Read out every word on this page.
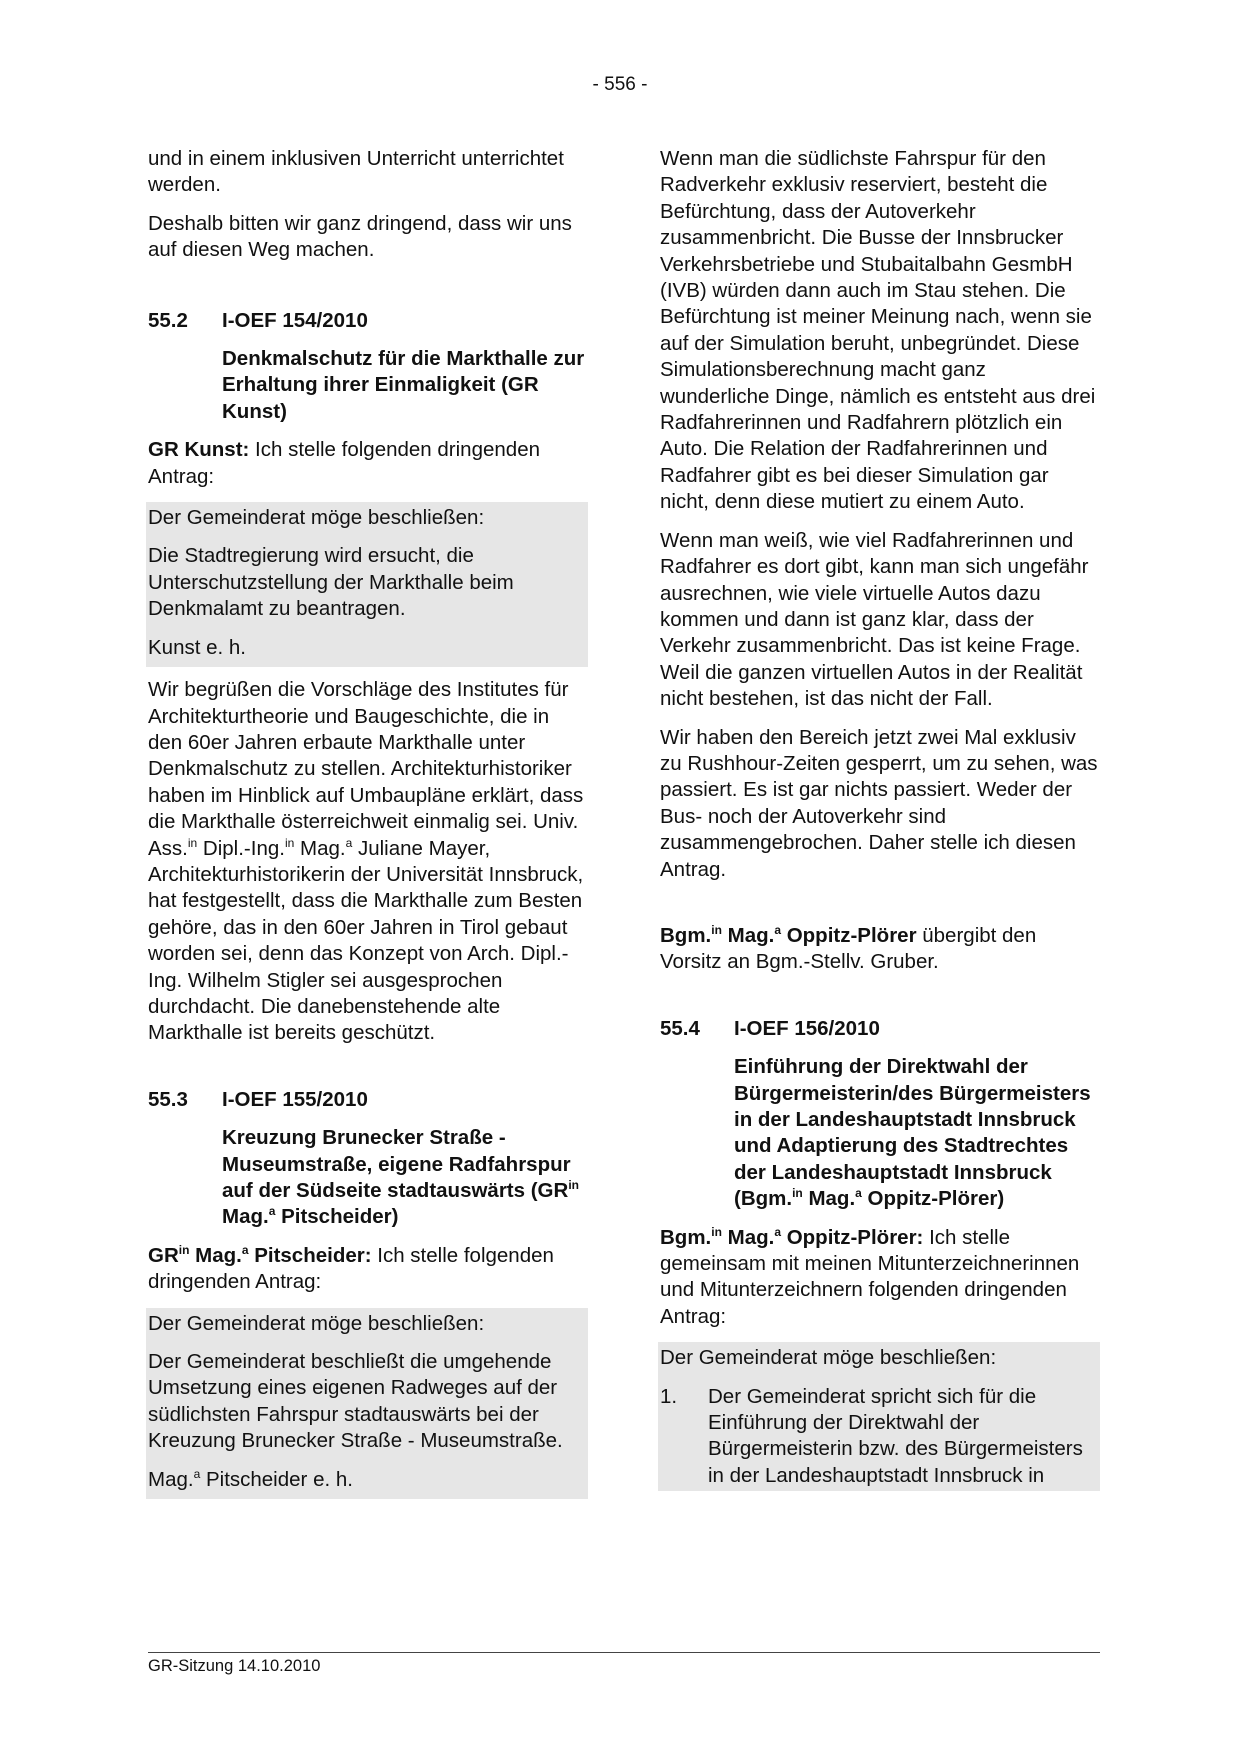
- 556 -

und in einem inklusiven Unterricht unterrichtet werden.

Deshalb bitten wir ganz dringend, dass wir uns auf diesen Weg machen.

55.2	I-OEF 154/2010

Denkmalschutz für die Markthalle zur Erhaltung ihrer Einmaligkeit (GR Kunst)

GR Kunst: Ich stelle folgenden dringenden Antrag:

Der Gemeinderat möge beschließen:

Die Stadtregierung wird ersucht, die Unterschutzstellung der Markthalle beim Denkmalamt zu beantragen.

Kunst e. h.

Wir begrüßen die Vorschläge des Institutes für Architekturtheorie und Baugeschichte, die in den 60er Jahren erbaute Markthalle unter Denkmalschutz zu stellen. Architekturhistoriker haben im Hinblick auf Umbaupläne erklärt, dass die Markthalle österreichweit einmalig sei. Univ. Ass.$^{in}$ Dipl.-Ing.$^{in}$ Mag.$^a$ Juliane Mayer, Architekturhistorikerin der Universität Innsbruck, hat festgestellt, dass die Markthalle zum Besten gehöre, das in den 60er Jahren in Tirol gebaut worden sei, denn das Konzept von Arch. Dipl.-Ing. Wilhelm Stigler sei ausgesprochen durchdacht. Die danebenstehende alte Markthalle ist bereits geschützt.

55.3	I-OEF 155/2010

Kreuzung Brunecker Straße - Museumstraße, eigene Radfahrspur auf der Südseite stadtauswärts ($GR^{in}$ Mag.$^a$ Pitscheider)

$GR^{in}$ Mag.$^a$ Pitscheider: Ich stelle folgenden dringenden Antrag:

Der Gemeinderat möge beschließen:

Der Gemeinderat beschließt die umgehende Umsetzung eines eigenen Radweges auf der südlichsten Fahrspur stadtauswärts bei der Kreuzung Brunecker Straße - Museumstraße.

Mag.$^a$ Pitscheider e. h.

Wenn man die südlichste Fahrspur für den Radverkehr exklusiv reserviert, besteht die Befürchtung, dass der Autoverkehr zusammenbricht. Die Busse der Innsbrucker Verkehrsbetriebe und Stubaitalbahn GesmbH (IVB) würden dann auch im Stau stehen. Die Befürchtung ist meiner Meinung nach, wenn sie auf der Simulation beruht, unbegründet. Diese Simulationsberechnung macht ganz wunderliche Dinge, nämlich es entsteht aus drei Radfahrerinnen und Radfahrern plötzlich ein Auto. Die Relation der Radfahrerinnen und Radfahrer gibt es bei dieser Simulation gar nicht, denn diese mutiert zu einem Auto.

Wenn man weiß, wie viel Radfahrerinnen und Radfahrer es dort gibt, kann man sich ungefähr ausrechnen, wie viele virtuelle Autos dazu kommen und dann ist ganz klar, dass der Verkehr zusammenbricht. Das ist keine Frage. Weil die ganzen virtuellen Autos in der Realität nicht bestehen, ist das nicht der Fall.

Wir haben den Bereich jetzt zwei Mal exklusiv zu Rushhour-Zeiten gesperrt, um zu sehen, was passiert. Es ist gar nichts passiert. Weder der Bus- noch der Autoverkehr sind zusammengebrochen. Daher stelle ich diesen Antrag.

Bgm.$^{in}$ Mag.$^a$ Oppitz-Plörer übergibt den Vorsitz an Bgm.-Stellv. Gruber.

55.4	I-OEF 156/2010

Einführung der Direktwahl der Bürgermeisterin/des Bürgermeisters in der Landeshauptstadt Innsbruck und Adaptierung des Stadtrechtes der Landeshauptstadt Innsbruck (Bgm.$^{in}$ Mag.$^a$ Oppitz-Plörer)

Bgm.$^{in}$ Mag.$^a$ Oppitz-Plörer: Ich stelle gemeinsam mit meinen Mitunterzeichnerinnen und Mitunterzeichnern folgenden dringenden Antrag:

Der Gemeinderat möge beschließen:

1.	Der Gemeinderat spricht sich für die Einführung der Direktwahl der Bürgermeisterin bzw. des Bürgermeisters in der Landeshauptstadt Innsbruck in
GR-Sitzung 14.10.2010
